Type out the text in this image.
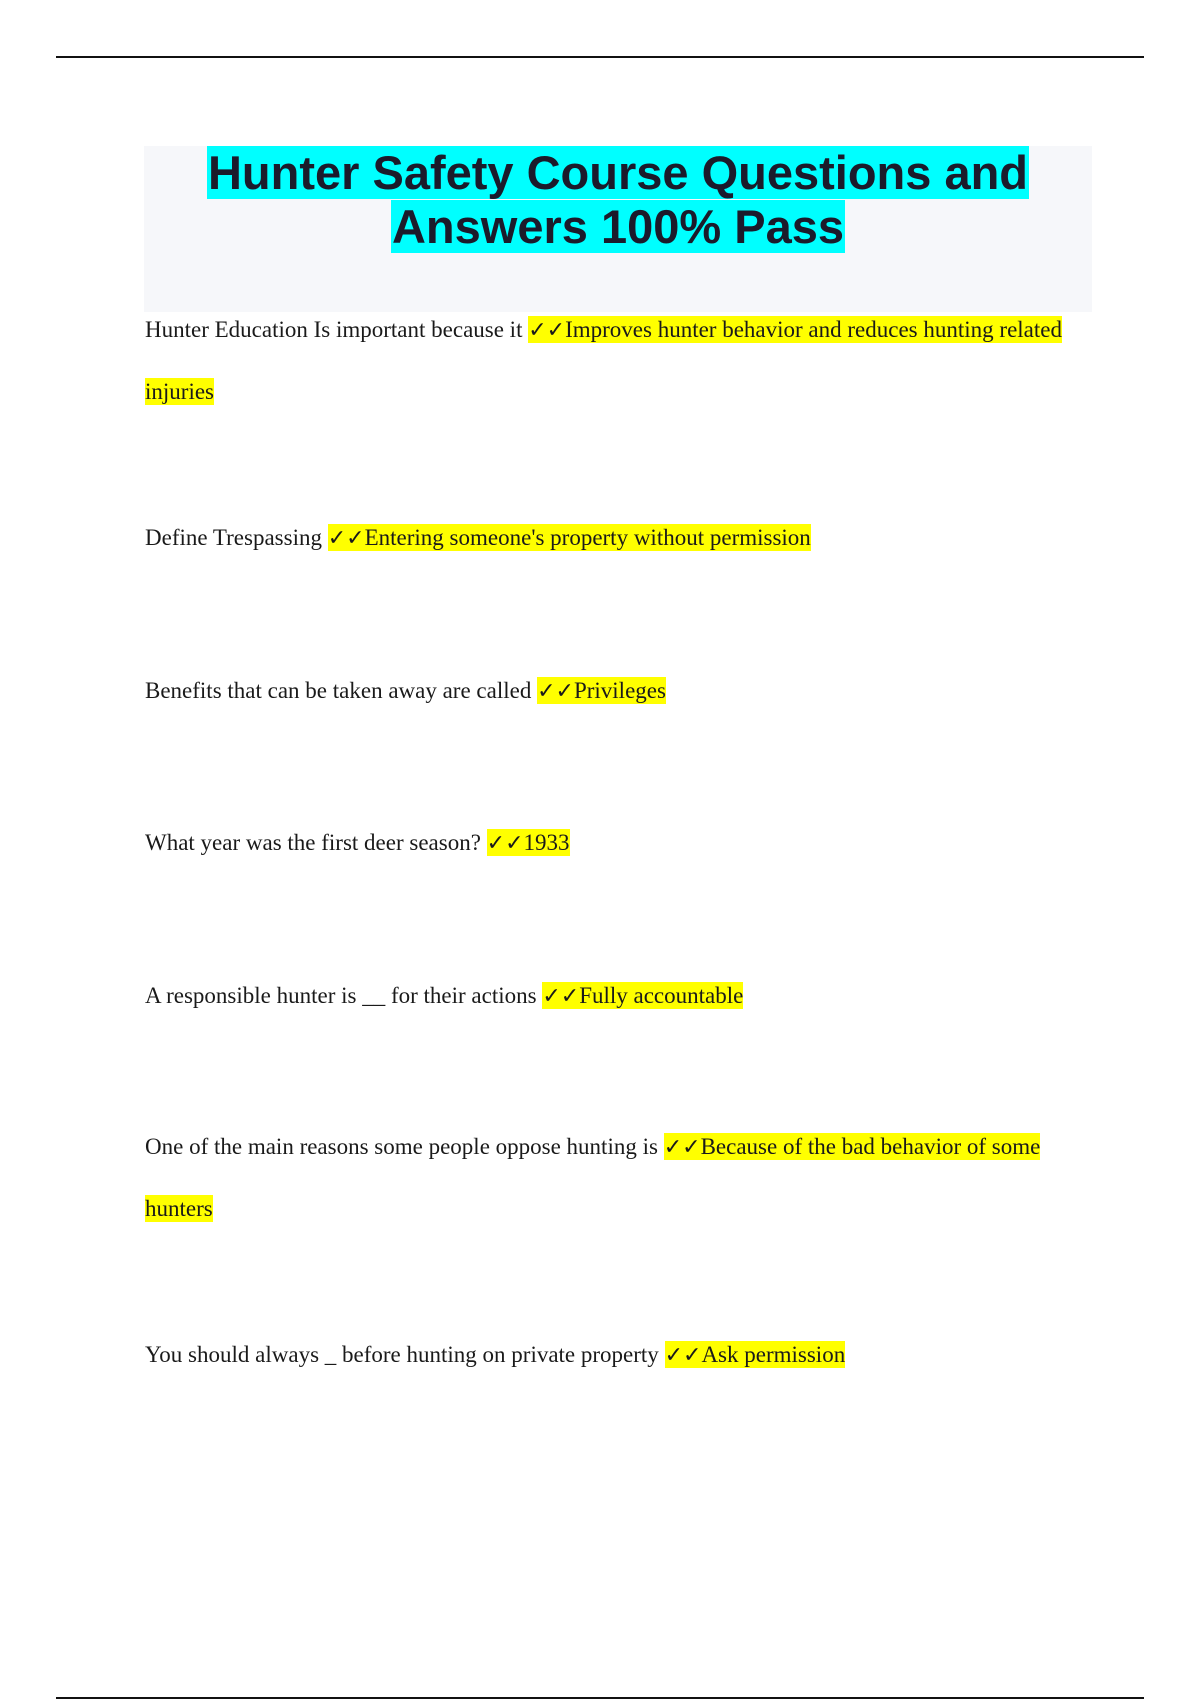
Hunter Safety Course Questions and Answers 100% Pass

Hunter Education Is important because it ✓✓Improves hunter behavior and reduces hunting related injuries

Define Trespassing ✓✓Entering someone's property without permission

Benefits that can be taken away are called ✓✓Privileges

What year was the first deer season? ✓✓1933

A responsible hunter is __ for their actions ✓✓Fully accountable

One of the main reasons some people oppose hunting is ✓✓Because of the bad behavior of some hunters

You should always _ before hunting on private property ✓✓Ask permission
